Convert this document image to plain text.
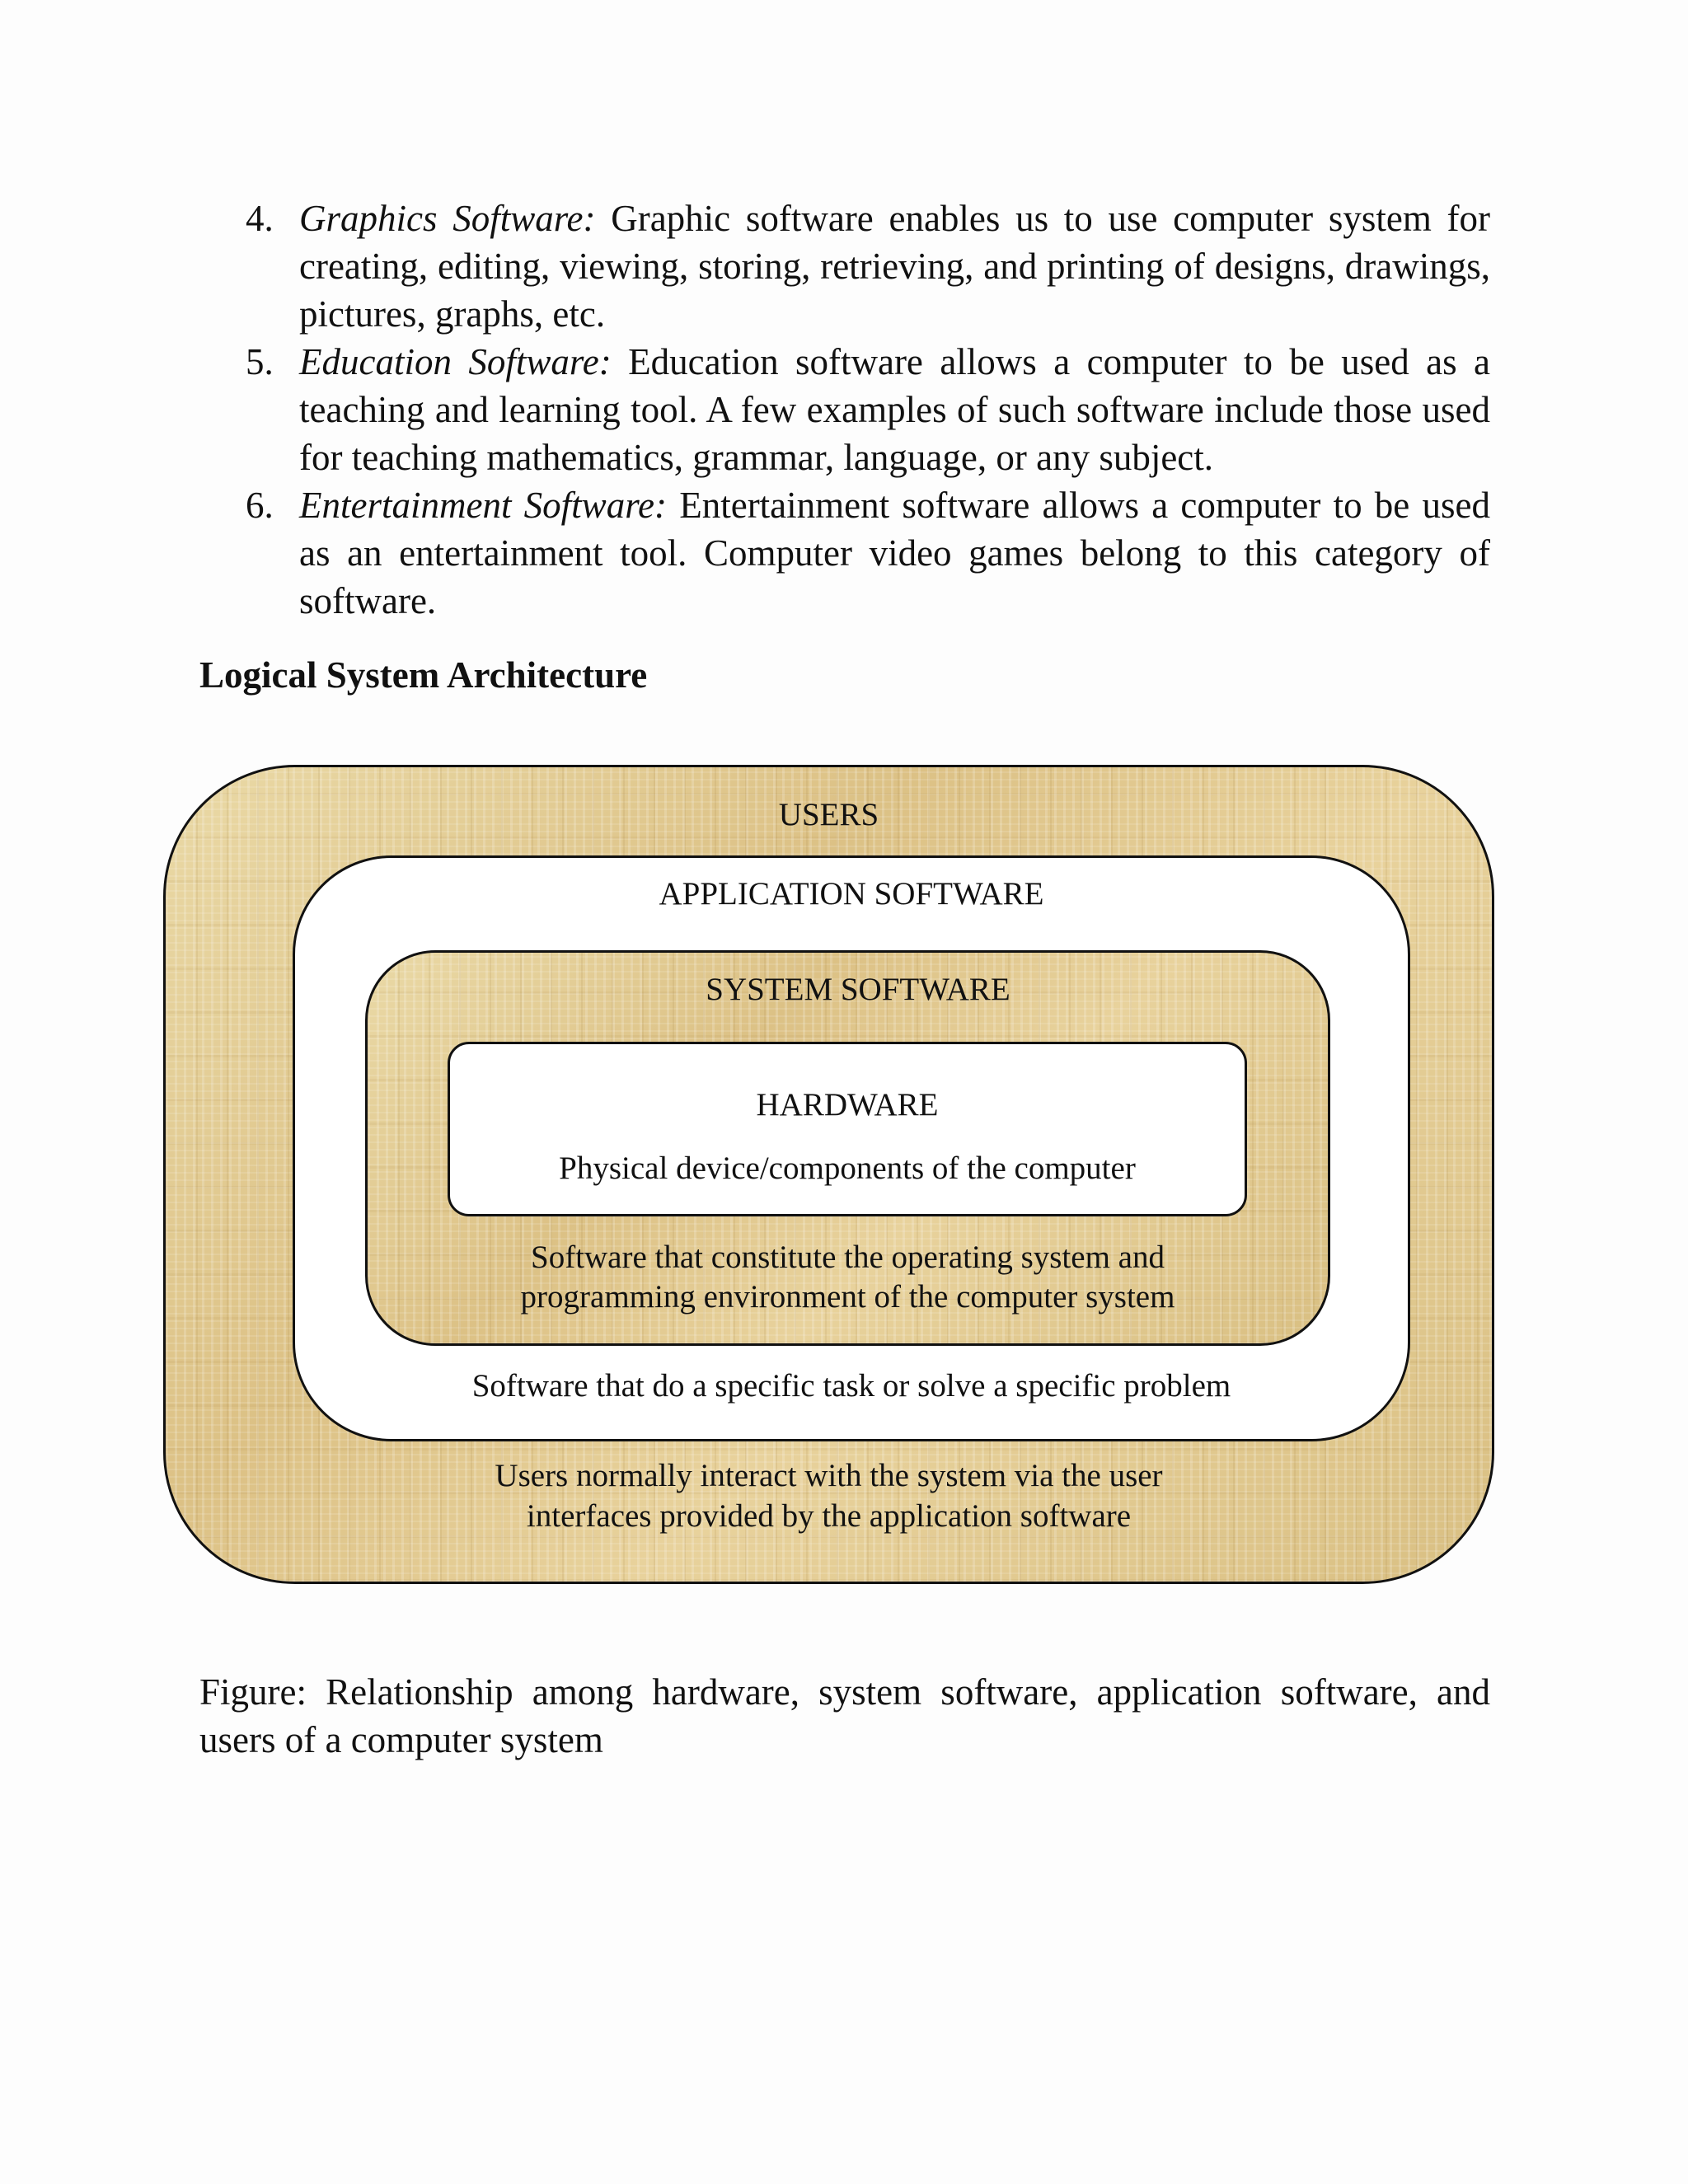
4. Graphics Software: Graphic software enables us to use computer system for creating, editing, viewing, storing, retrieving, and printing of designs, drawings, pictures, graphs, etc.
5. Education Software: Education software allows a computer to be used as a teaching and learning tool. A few examples of such software include those used for teaching mathematics, grammar, language, or any subject.
6. Entertainment Software: Entertainment software allows a computer to be used as an entertainment tool. Computer video games belong to this category of software.
Logical System Architecture
USERS
Users normally interact with the system via the user
interfaces provided by the application software
APPLICATION SOFTWARE
Software that do a specific task or solve a specific problem
SYSTEM SOFTWARE
Software that constitute the operating system and
programming environment of the computer system
HARDWARE
Physical device/components of the computer

Figure: Relationship among hardware, system software, application software, and users of a computer system
